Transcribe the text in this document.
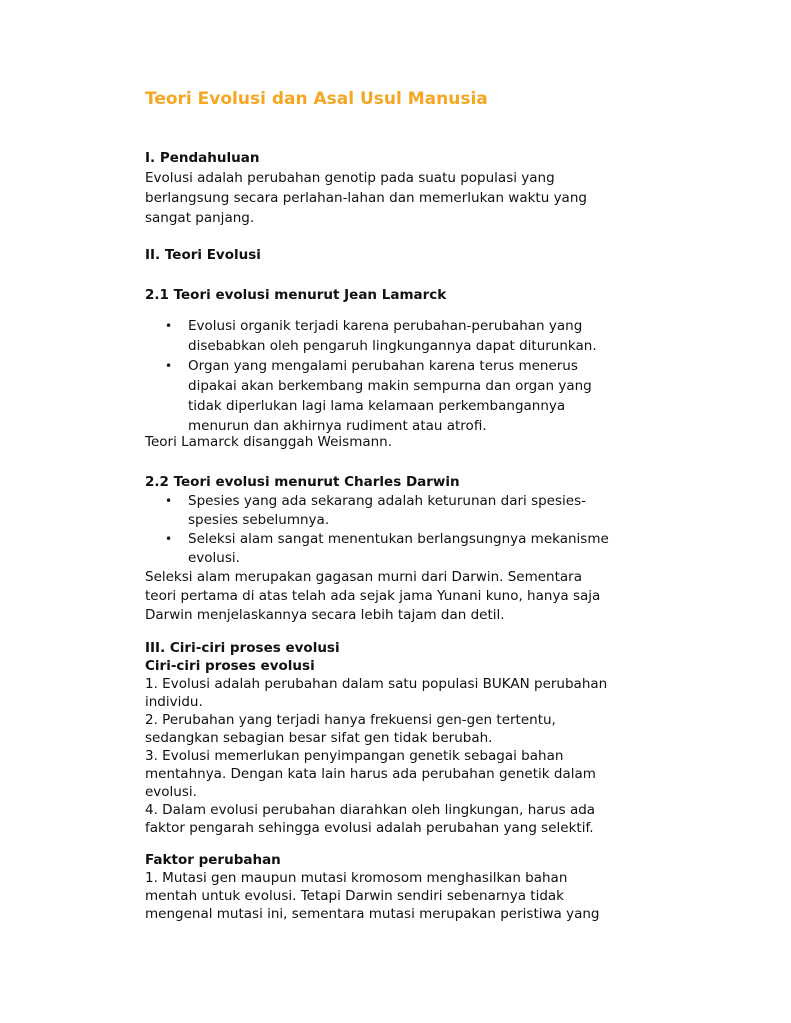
Teori Evolusi dan Asal Usul Manusia
I. Pendahuluan
Evolusi adalah perubahan genotip pada suatu populasi yang
berlangsung secara perlahan-lahan dan memerlukan waktu yang
sangat panjang.
II. Teori Evolusi
2.1 Teori evolusi menurut Jean Lamarck
• Evolusi organik terjadi karena perubahan-perubahan yang
disebabkan oleh pengaruh lingkungannya dapat diturunkan.
• Organ yang mengalami perubahan karena terus menerus
dipakai akan berkembang makin sempurna dan organ yang
tidak diperlukan lagi lama kelamaan perkembangannya
menurun dan akhirnya rudiment atau atrofi.
Teori Lamarck disanggah Weismann.
2.2 Teori evolusi menurut Charles Darwin
• Spesies yang ada sekarang adalah keturunan dari spesies-
spesies sebelumnya.
• Seleksi alam sangat menentukan berlangsungnya mekanisme
evolusi.
Seleksi alam merupakan gagasan murni dari Darwin. Sementara
teori pertama di atas telah ada sejak jama Yunani kuno, hanya saja
Darwin menjelaskannya secara lebih tajam dan detil.
III. Ciri-ciri proses evolusi
Ciri-ciri proses evolusi
1. Evolusi adalah perubahan dalam satu populasi BUKAN perubahan
individu.
2. Perubahan yang terjadi hanya frekuensi gen-gen tertentu,
sedangkan sebagian besar sifat gen tidak berubah.
3. Evolusi memerlukan penyimpangan genetik sebagai bahan
mentahnya. Dengan kata lain harus ada perubahan genetik dalam
evolusi.
4. Dalam evolusi perubahan diarahkan oleh lingkungan, harus ada
faktor pengarah sehingga evolusi adalah perubahan yang selektif.
Faktor perubahan
1. Mutasi gen maupun mutasi kromosom menghasilkan bahan
mentah untuk evolusi. Tetapi Darwin sendiri sebenarnya tidak
mengenal mutasi ini, sementara mutasi merupakan peristiwa yang
